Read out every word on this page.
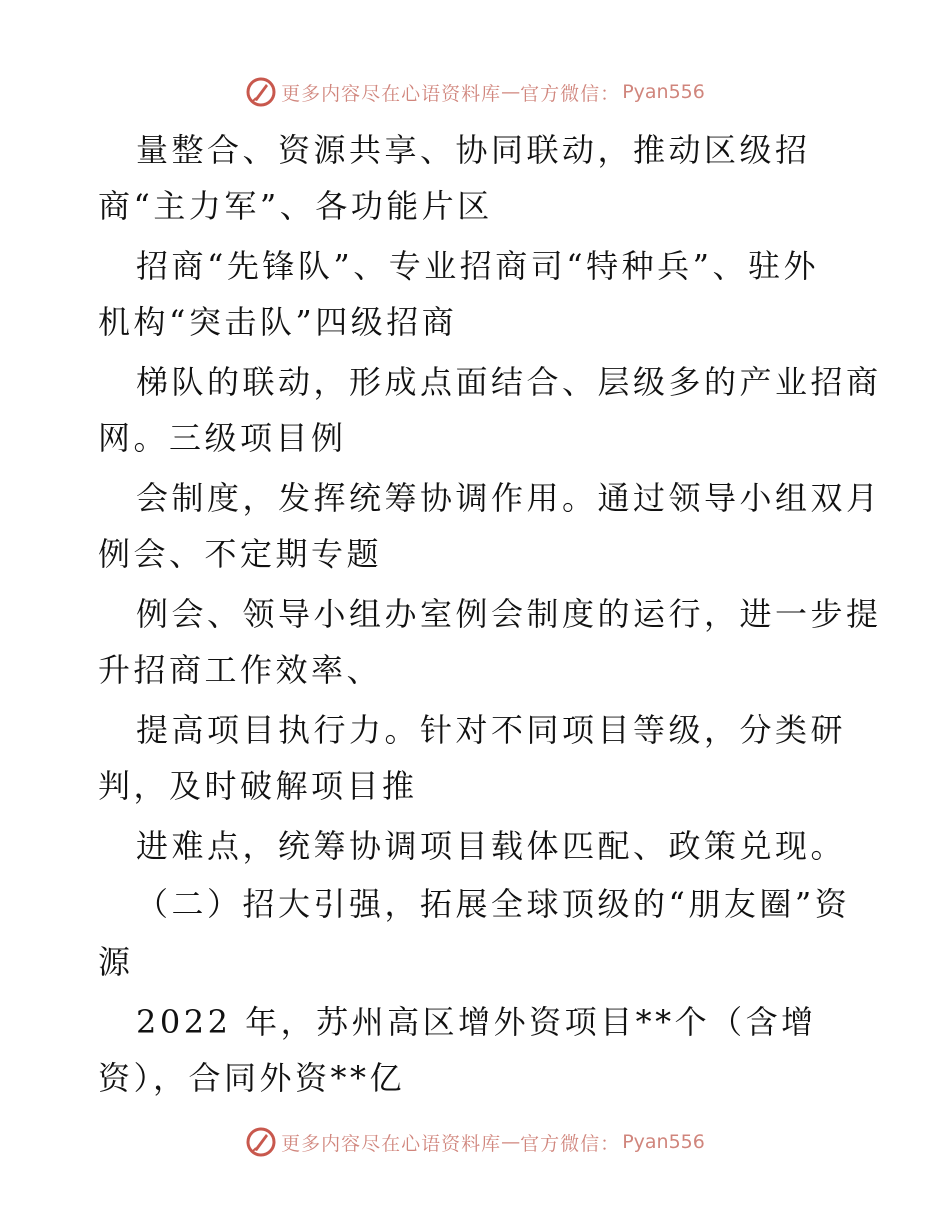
更多内容尽在心语资料库 — 官方微信： Pyan556
量整合、资源共享、协同联动，推动区级招
商“主力军”、各功能片区
招商“先锋队”、专业招商司“特种兵”、驻外
机构“突击队”四级招商
梯队的联动，形成点面结合、层级多的产业招商
网。三级项目例
会制度，发挥统筹协调作用。通过领导小组双月
例会、不定期专题
例会、领导小组办室例会制度的运行，进一步提
升招商工作效率、
提高项目执行力。针对不同项目等级，分类研
判，及时破解项目推
进难点，统筹协调项目载体匹配、政策兑现。
（二）招大引强，拓展全球顶级的“朋友圈”资
源
2022 年，苏州高区增外资项目**个（含增
资），合同外资**亿
更多内容尽在心语资料库 — 官方微信： Pyan556
